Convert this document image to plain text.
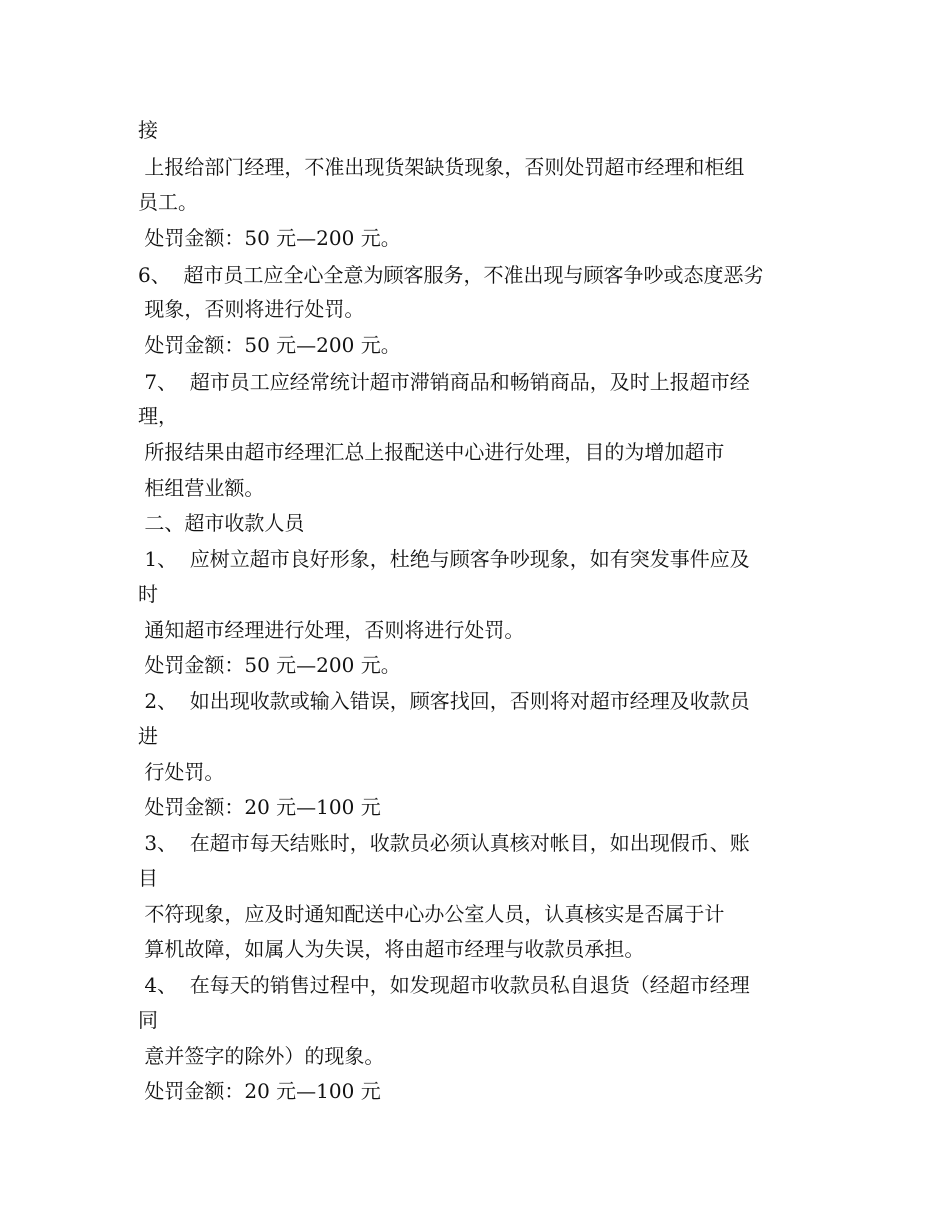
接
上报给部门经理，不准出现货架缺货现象，否则处罚超市经理和柜组
员工。
处罚金额：50 元—200 元。
6、  超市员工应全心全意为顾客服务，不准出现与顾客争吵或态度恶劣
现象，否则将进行处罚。
处罚金额：50 元—200 元。
7、  超市员工应经常统计超市滞销商品和畅销商品，及时上报超市经
理，
所报结果由超市经理汇总上报配送中心进行处理，目的为增加超市
柜组营业额。
二、超市收款人员
1、  应树立超市良好形象，杜绝与顾客争吵现象，如有突发事件应及
时
通知超市经理进行处理，否则将进行处罚。
处罚金额：50 元—200 元。
2、  如出现收款或输入错误，顾客找回，否则将对超市经理及收款员
进
行处罚。
处罚金额：20 元—100 元
3、  在超市每天结账时，收款员必须认真核对帐目，如出现假币、账
目
不符现象，应及时通知配送中心办公室人员，认真核实是否属于计
算机故障，如属人为失误，将由超市经理与收款员承担。
4、  在每天的销售过程中，如发现超市收款员私自退货（经超市经理
同
意并签字的除外）的现象。
处罚金额：20 元—100 元
